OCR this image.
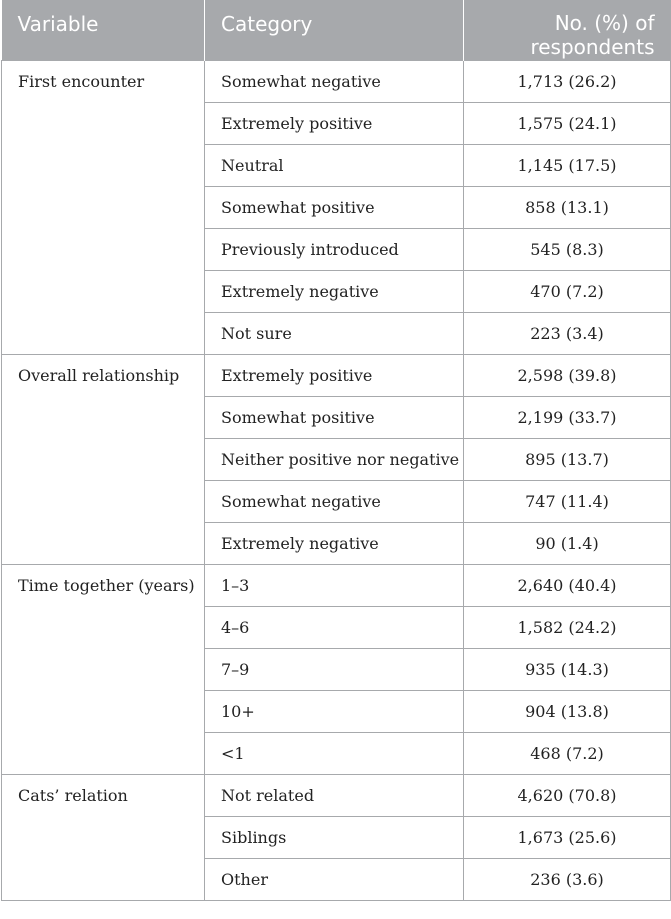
Variable	Category	No. (%) of
respondents
First encounter	Somewhat negative	1,713 (26.2)
	Extremely positive	1,575 (24.1)
	Neutral	1,145 (17.5)
	Somewhat positive	858 (13.1)
	Previously introduced	545 (8.3)
	Extremely negative	470 (7.2)
	Not sure	223 (3.4)
Overall relationship	Extremely positive	2,598 (39.8)
	Somewhat positive	2,199 (33.7)
	Neither positive nor negative	895 (13.7)
	Somewhat negative	747 (11.4)
	Extremely negative	90 (1.4)
Time together (years)	1–3	2,640 (40.4)
	4–6	1,582 (24.2)
	7–9	935 (14.3)
	10+	904 (13.8)
	<1	468 (7.2)
Cats’ relation	Not related	4,620 (70.8)
	Siblings	1,673 (25.6)
	Other	236 (3.6)
